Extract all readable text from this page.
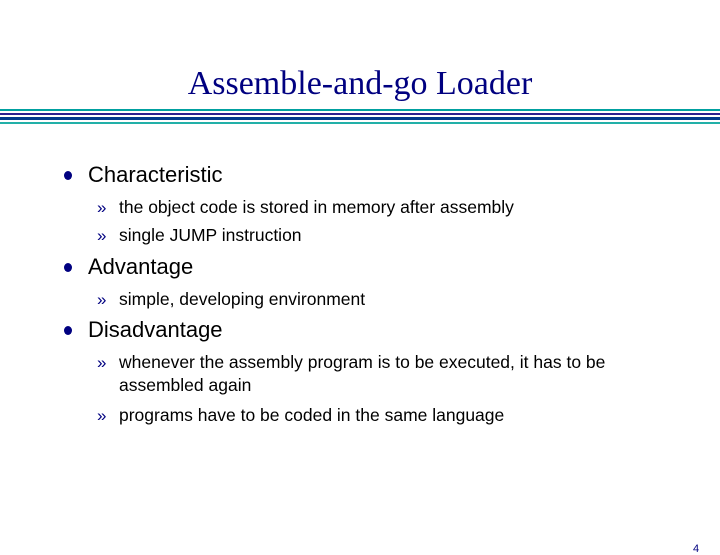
Assemble-and-go Loader
Characteristic
» the object code is stored in memory after assembly
» single JUMP instruction
Advantage
» simple, developing environment
Disadvantage
» whenever the assembly program is to be executed, it has to be assembled again
» programs have to be coded in the same language
4
